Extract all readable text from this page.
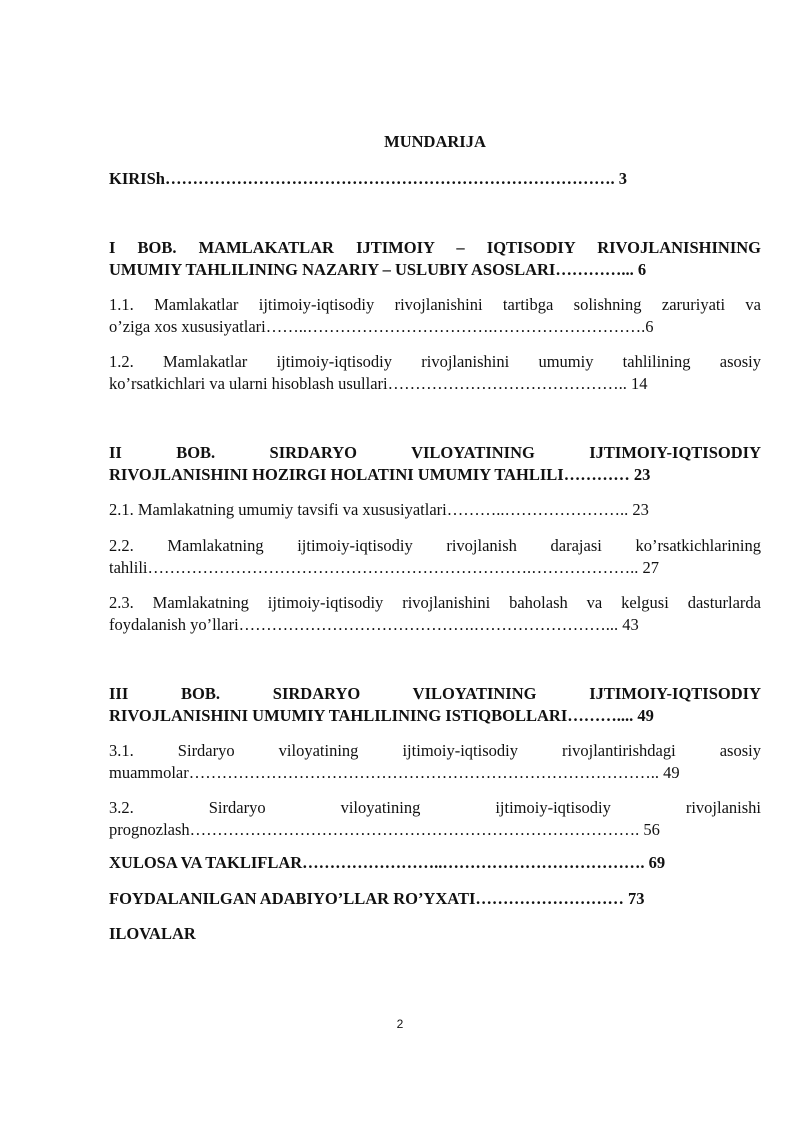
MUNDARIJA
KIRISh………………………………………………………………………. 3
I BOB. MAMLAKATLAR IJTIMOIY – IQTISODIY RIVOJLANISHINING
UMUMIY TAHLILINING NAZARIY – USLUBIY ASOSLARI…………... 6
1.1. Mamlakatlar ijtimoiy-iqtisodiy rivojlanishini tartibga solishning zaruriyati va
o’ziga xos xususiyatlari……..…………………………….……………………….6
1.2. Mamlakatlar ijtimoiy-iqtisodiy rivojlanishini umumiy tahlilining asosiy
ko’rsatkichlari va ularni hisoblash usullari…………………………………….. 14
II BOB. SIRDARYO VILOYATINING IJTIMOIY-IQTISODIY
RIVOJLANISHINI HOZIRGI HOLATINI UMUMIY TAHLILI………… 23
2.1. Mamlakatning umumiy tavsifi va xususiyatlari………..………………….. 23
2.2. Mamlakatning ijtimoiy-iqtisodiy rivojlanish darajasi ko’rsatkichlarining
tahlili…………………………………………………………….……………….. 27
2.3. Mamlakatning ijtimoiy-iqtisodiy rivojlanishini baholash va kelgusi dasturlarda
foydalanish yo’llari…………………………………….……………………... 43
III BOB. SIRDARYO VILOYATINING IJTIMOIY-IQTISODIY
RIVOJLANISHINI UMUMIY TAHLILINING ISTIQBOLLARI……….... 49
3.1. Sirdaryo viloyatining ijtimoiy-iqtisodiy rivojlantirishdagi asosiy
muammolar………………………………………………………………………….. 49
3.2. Sirdaryo viloyatining ijtimoiy-iqtisodiy rivojlanishi
prognozlash………………………………………………………………………. 56
XULOSA VA TAKLIFLAR……………………..………………………………. 69
FOYDALANILGAN ADABIYO’LLAR RO’YXATI……………………… 73
ILOVALAR
2
